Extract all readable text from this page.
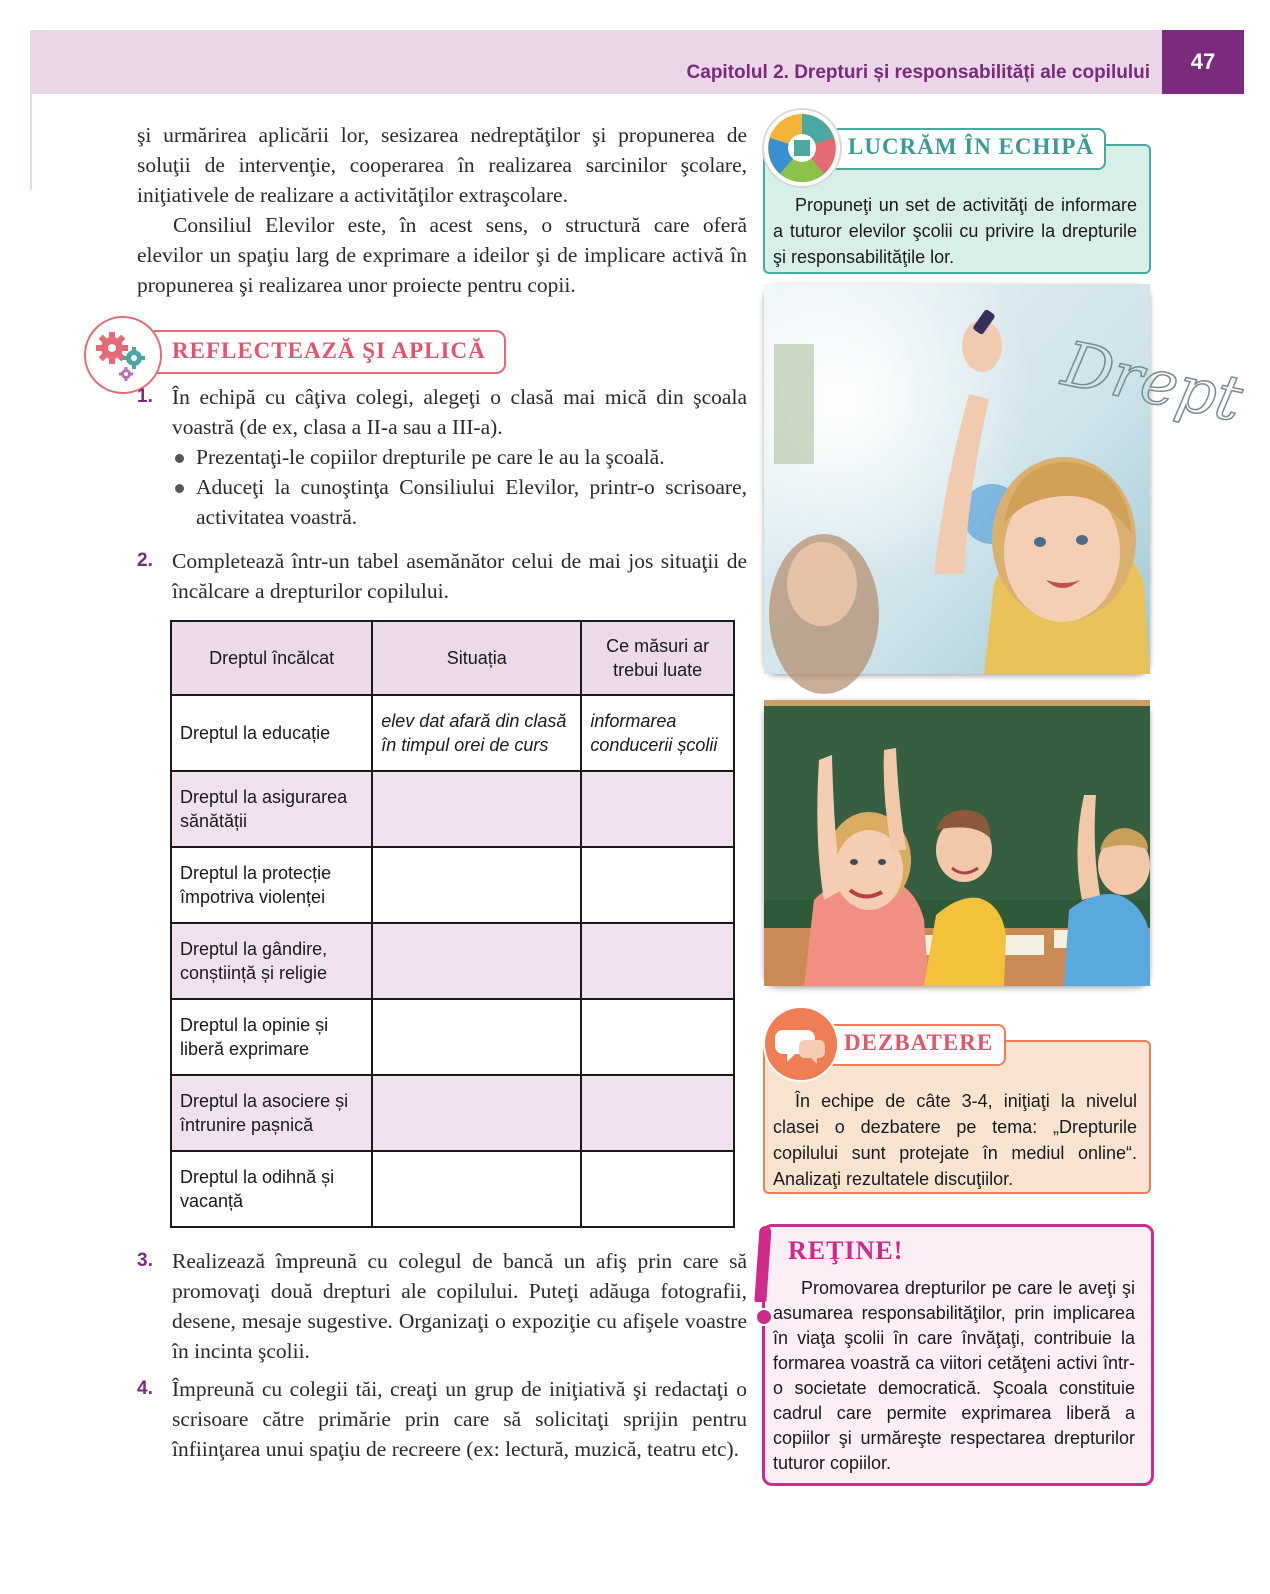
Capitolul 2. Drepturi și responsabilități ale copilului	47

şi urmărirea aplicării lor, sesizarea nedreptăţilor şi propunerea de soluţii de intervenţie, cooperarea în realizarea sarcinilor şcolare, iniţiativele de realizare a activităţilor extraşcolare.

Consiliul Elevilor este, în acest sens, o structură care oferă elevilor un spaţiu larg de exprimare a ideilor şi de implicare activă în propunerea şi realizarea unor proiecte pentru copii.

REFLECTEAZĂ ŞI APLICĂ
1. În echipă cu câţiva colegi, alegeţi o clasă mai mică din şcoala voastră (de ex, clasa a II-a sau a III-a).
Prezentaţi-le copiilor drepturile pe care le au la şcoală.
Aduceţi la cunoştinţa Consiliului Elevilor, printr-o scrisoare, activitatea voastră.
2. Completează într-un tabel asemănător celui de mai jos situaţii de încălcare a drepturilor copilului.
Dreptul încălcat	Situația	Ce măsuri ar trebui luate
Dreptul la educație	elev dat afară din clasă în timpul orei de curs	informarea conducerii școlii
Dreptul la asigurarea sănătății		
Dreptul la protecție împotriva violenței		
Dreptul la gândire, conștiință și religie		
Dreptul la opinie și liberă exprimare		
Dreptul la asociere și întrunire pașnică		
Dreptul la odihnă și vacanță		
3. Realizează împreună cu colegul de bancă un afiş prin care să promovaţi două drepturi ale copilului. Puteţi adăuga fotografii, desene, mesaje sugestive. Organizaţi o expoziţie cu afişele voastre în incinta şcolii.
4. Împreună cu colegii tăi, creaţi un grup de iniţiativă şi redactaţi o scrisoare către primărie prin care să solicitaţi sprijin pentru înfiinţarea unui spaţiu de recreere (ex: lectură, muzică, teatru etc).
LUCRĂM ÎN ECHIPĂ
Propuneţi un set de activităţi de informare a tuturor elevilor şcolii cu privire la drepturile şi responsabilităţile lor.
Drept
DEZBATERE
În echipe de câte 3-4, iniţiaţi la nivelul clasei o dezbatere pe tema: „Drepturile copilului sunt protejate în mediul online“. Analizaţi rezultatele discuţiilor.
REŢINE!
Promovarea drepturilor pe care le aveţi şi asumarea responsabilităţilor, prin implicarea în viaţa şcolii în care învăţaţi, contribuie la formarea voastră ca viitori cetăţeni activi într-o societate democratică. Şcoala constituie cadrul care permite exprimarea liberă a copiilor şi urmăreşte respectarea drepturilor tuturor copiilor.
